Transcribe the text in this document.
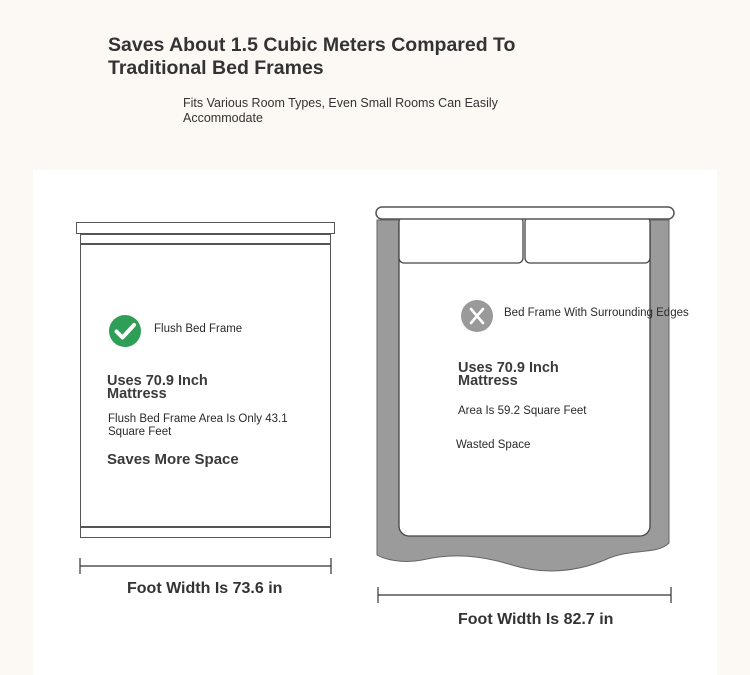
Saves About 1.5 Cubic Meters Compared To Traditional Bed Frames
Fits Various Room Types, Even Small Rooms Can Easily Accommodate
Flush Bed Frame
Uses 70.9 Inch Mattress
Flush Bed Frame Area Is Only 43.1 Square Feet
Saves More Space
Foot Width Is 73.6 in
Bed Frame With Surrounding Edges
Uses 70.9 Inch Mattress
Area Is 59.2 Square Feet
Wasted Space
Foot Width Is 82.7 in
